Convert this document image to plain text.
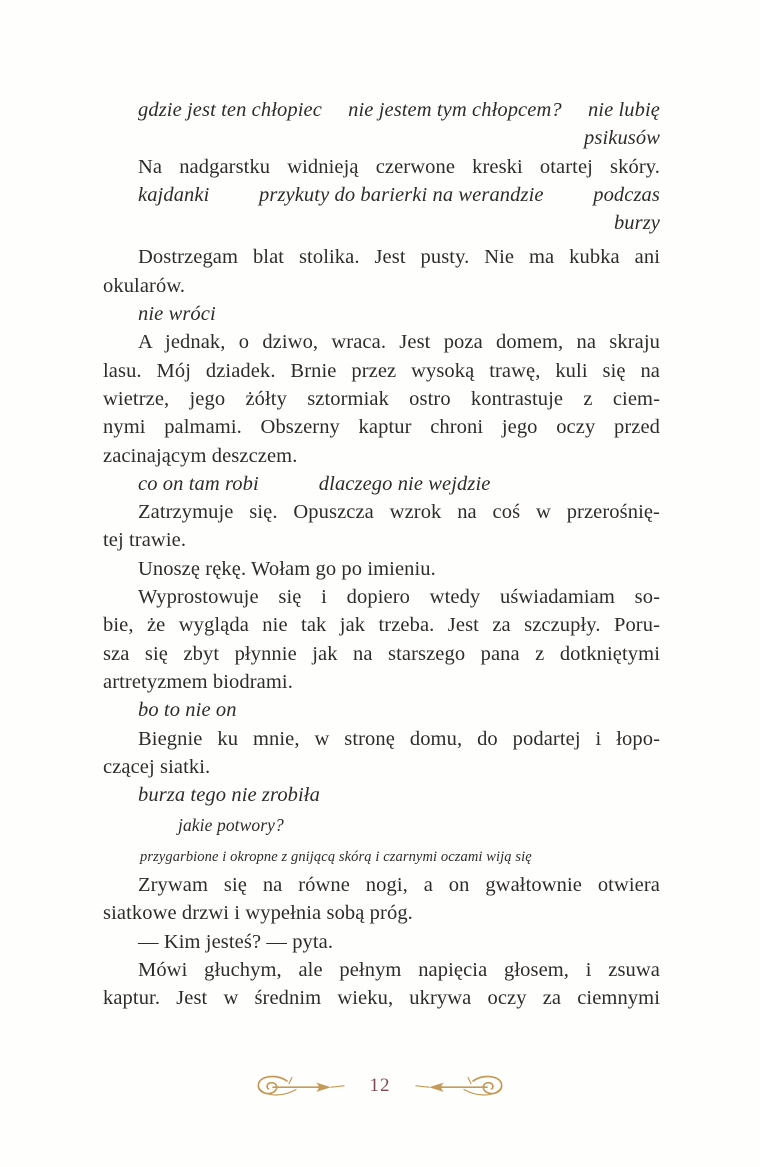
gdzie jest ten chłopiec nie jestem tym chłopcem? nie lubię
psikusów
Na nadgarstku widnieją czerwone kreski otartej skóry.
kajdanki przykuty do barierki na werandzie podczas
burzy
Dostrzegam blat stolika. Jest pusty. Nie ma kubka ani
okularów.
nie wróci
A jednak, o dziwo, wraca. Jest poza domem, na skraju
lasu. Mój dziadek. Brnie przez wysoką trawę, kuli się na
wietrze, jego żółty sztormiak ostro kontrastuje z ciem-
nymi palmami. Obszerny kaptur chroni jego oczy przed
zacinającym deszczem.
co on tam robi	dlaczego nie wejdzie
Zatrzymuje się. Opuszcza wzrok na coś w przerośnię-
tej trawie.
Unoszę rękę. Wołam go po imieniu.
Wyprostowuje się i dopiero wtedy uświadamiam so-
bie, że wygląda nie tak jak trzeba. Jest za szczupły. Poru-
sza się zbyt płynnie jak na starszego pana z dotkniętymi
artretyzmem biodrami.
bo to nie on
Biegnie ku mnie, w stronę domu, do podartej i łopo-
czącej siatki.
burza tego nie zrobiła
jakie potwory?
przygarbione i okropne z gnijącą skórą i czarnymi oczami wiją się
Zrywam się na równe nogi, a on gwałtownie otwiera
siatkowe drzwi i wypełnia sobą próg.
— Kim jesteś? — pyta.
Mówi głuchym, ale pełnym napięcia głosem, i zsuwa
kaptur. Jest w średnim wieku, ukrywa oczy za ciemnymi
12
